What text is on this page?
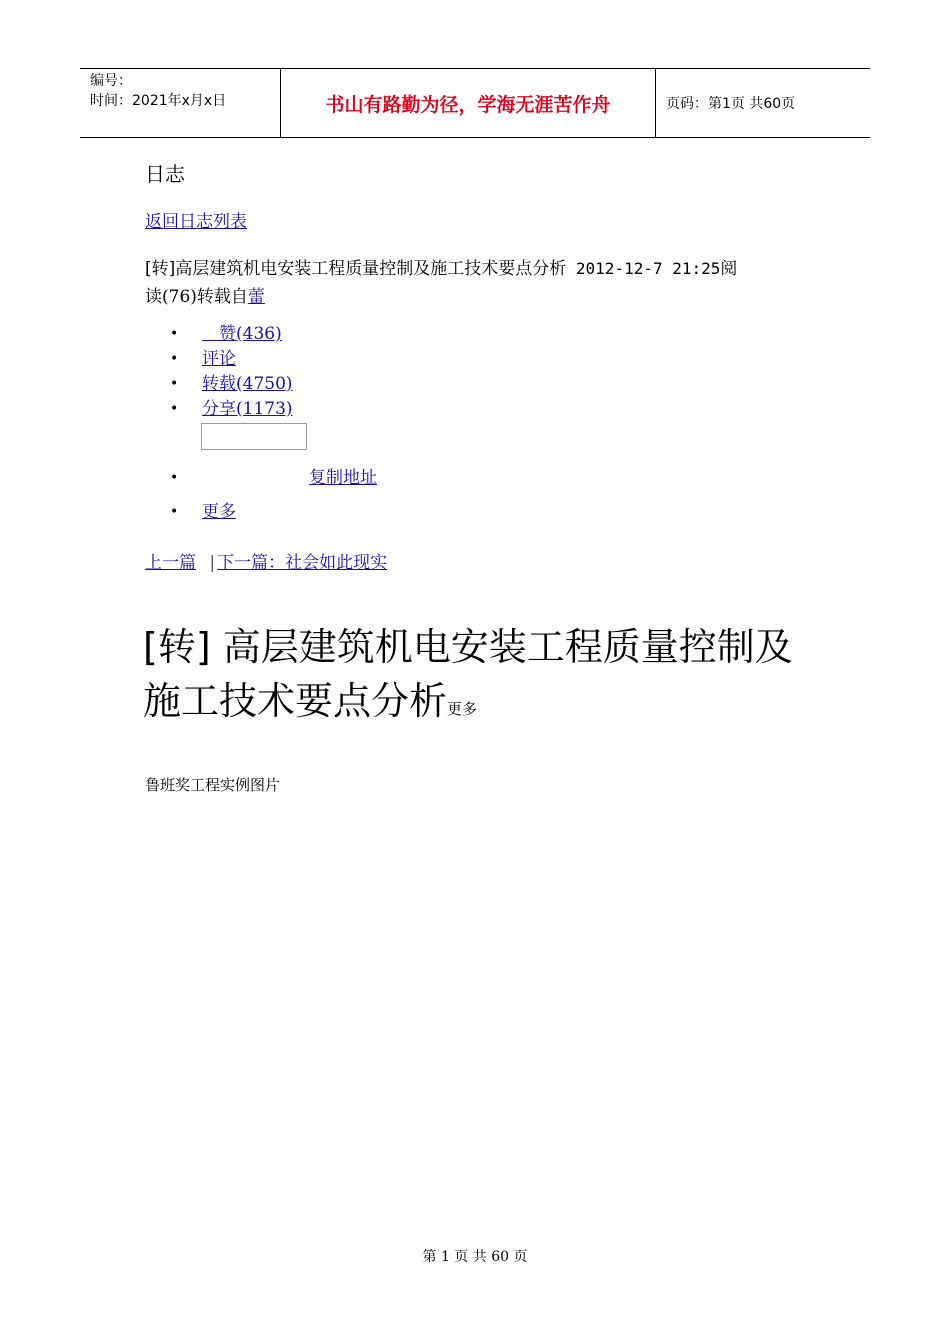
编号：
时间：2021年x月x日	书山有路勤为径，学海无涯苦作舟	页码：第1页 共60页
日志
返回日志列表
[转]高层建筑机电安装工程质量控制及施工技术要点分析 2012-12-7 21:25阅
读(76)转载自蕾
• 　赞(436)
• 评论
• 转载(4750)
• 分享(1173)
•	复制地址
• 更多
上一篇 | 下一篇：社会如此现实
[转] 高层建筑机电安装工程质量控制及
施工技术要点分析更多
鲁班奖工程实例图片
第 1 页 共 60 页
